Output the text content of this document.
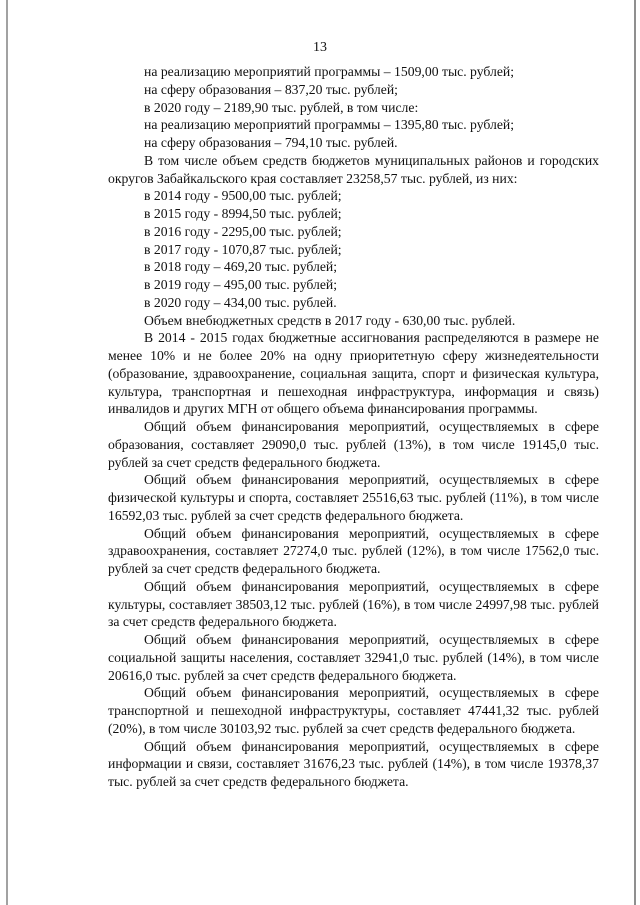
13

на реализацию мероприятий программы – 1509,00 тыс. рублей;

на сферу образования – 837,20 тыс. рублей;

в 2020 году – 2189,90 тыс. рублей, в том числе:

на реализацию мероприятий программы – 1395,80 тыс. рублей;

на сферу образования – 794,10 тыс. рублей.

В том числе объем средств бюджетов муниципальных районов и городских округов Забайкальского края составляет 23258,57 тыс. рублей, из них:

в 2014 году - 9500,00 тыс. рублей;

в 2015 году - 8994,50 тыс. рублей;

в 2016 году - 2295,00 тыс. рублей;

в 2017 году - 1070,87 тыс. рублей;

в 2018 году – 469,20 тыс. рублей;

в 2019 году – 495,00 тыс. рублей;

в 2020 году – 434,00 тыс. рублей.

Объем внебюджетных средств в 2017 году - 630,00 тыс. рублей.

В 2014 - 2015 годах бюджетные ассигнования распределяются в размере не менее 10% и не более 20% на одну приоритетную сферу жизнедеятельности (образование, здравоохранение, социальная защита, спорт и физическая культура, культура, транспортная и пешеходная инфраструктура, информация и связь) инвалидов и других МГН от общего объема финансирования программы.

Общий объем финансирования мероприятий, осуществляемых в сфере образования, составляет 29090,0 тыс. рублей (13%), в том числе 19145,0 тыс. рублей за счет средств федерального бюджета.

Общий объем финансирования мероприятий, осуществляемых в сфере физической культуры и спорта, составляет 25516,63 тыс. рублей (11%), в том числе 16592,03 тыс. рублей за счет средств федерального бюджета.

Общий объем финансирования мероприятий, осуществляемых в сфере здравоохранения, составляет 27274,0 тыс. рублей (12%), в том числе 17562,0 тыс. рублей за счет средств федерального бюджета.

Общий объем финансирования мероприятий, осуществляемых в сфере культуры, составляет 38503,12 тыс. рублей (16%), в том числе 24997,98 тыс. рублей за счет средств федерального бюджета.

Общий объем финансирования мероприятий, осуществляемых в сфере социальной защиты населения, составляет 32941,0 тыс. рублей (14%), в том числе 20616,0 тыс. рублей за счет средств федерального бюджета.

Общий объем финансирования мероприятий, осуществляемых в сфере транспортной и пешеходной инфраструктуры, составляет 47441,32 тыс. рублей (20%), в том числе 30103,92 тыс. рублей за счет средств федерального бюджета.

Общий объем финансирования мероприятий, осуществляемых в сфере информации и связи, составляет 31676,23 тыс. рублей (14%), в том числе 19378,37 тыс. рублей за счет средств федерального бюджета.
